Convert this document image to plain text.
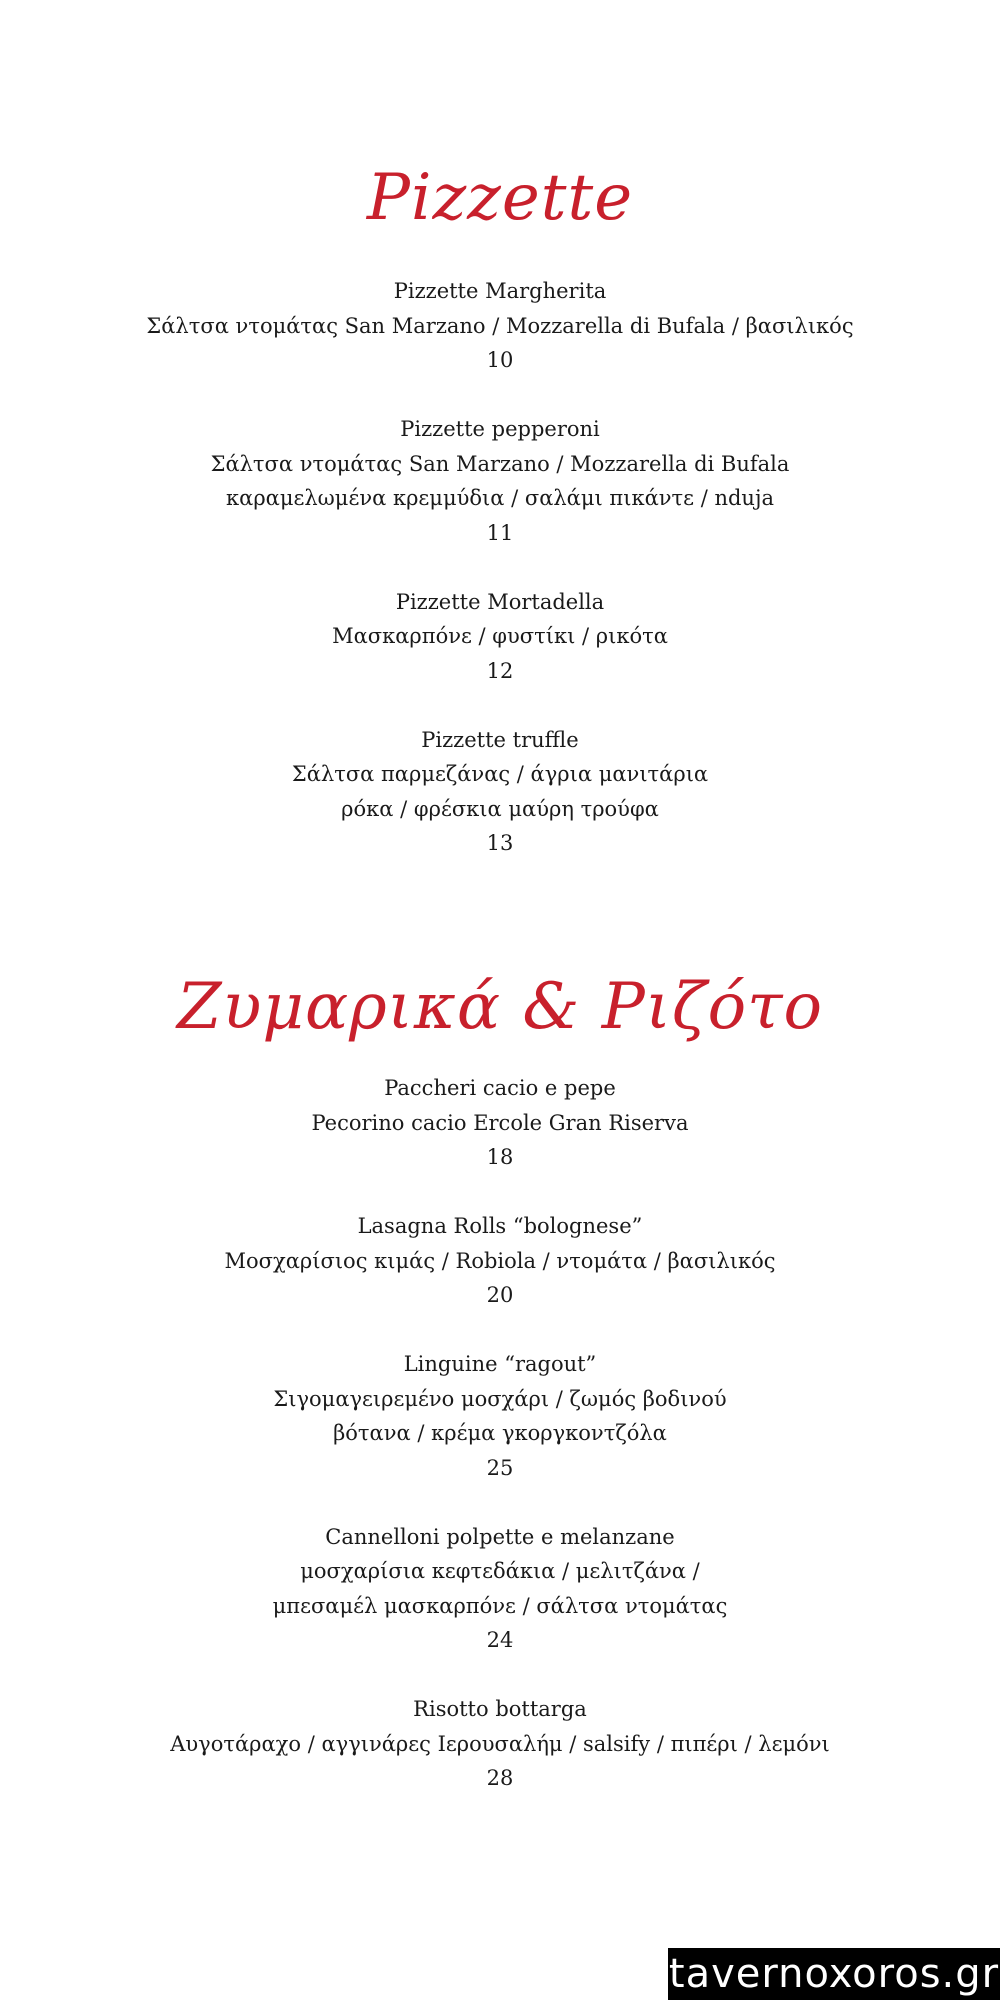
Pizzette
Pizzette Margherita
Σάλτσα ντομάτας San Marzano / Mozzarella di Bufala / βασιλικός
10
Pizzette pepperoni
Σάλτσα ντομάτας San Marzano / Mozzarella di Bufala
καραμελωμένα κρεμμύδια / σαλάμι πικάντε / nduja
11
Pizzette Mortadella
Μασκαρπόνε / φυστίκι / ρικότα
12
Pizzette truffle
Σάλτσα παρμεζάνας / άγρια μανιτάρια
ρόκα / φρέσκια μαύρη τρούφα
13
Ζυμαρικά & Ριζότο
Paccheri cacio e pepe
Pecorino cacio Ercole Gran Riserva
18
Lasagna Rolls “bolognese”
Μοσχαρίσιος κιμάς / Robiola / ντομάτα / βασιλικός
20
Linguine “ragout”
Σιγομαγειρεμένο μοσχάρι / ζωμός βοδινού
βότανα / κρέμα γκοργκοντζόλα
25
Cannelloni polpette e melanzane
μοσχαρίσια κεφτεδάκια / μελιτζάνα /
μπεσαμέλ μασκαρπόνε / σάλτσα ντομάτας
24
Risotto bottarga
Αυγοτάραχο / αγγινάρες Ιερουσαλήμ / salsify / πιπέρι / λεμόνι
28
tavernoxoros.gr
